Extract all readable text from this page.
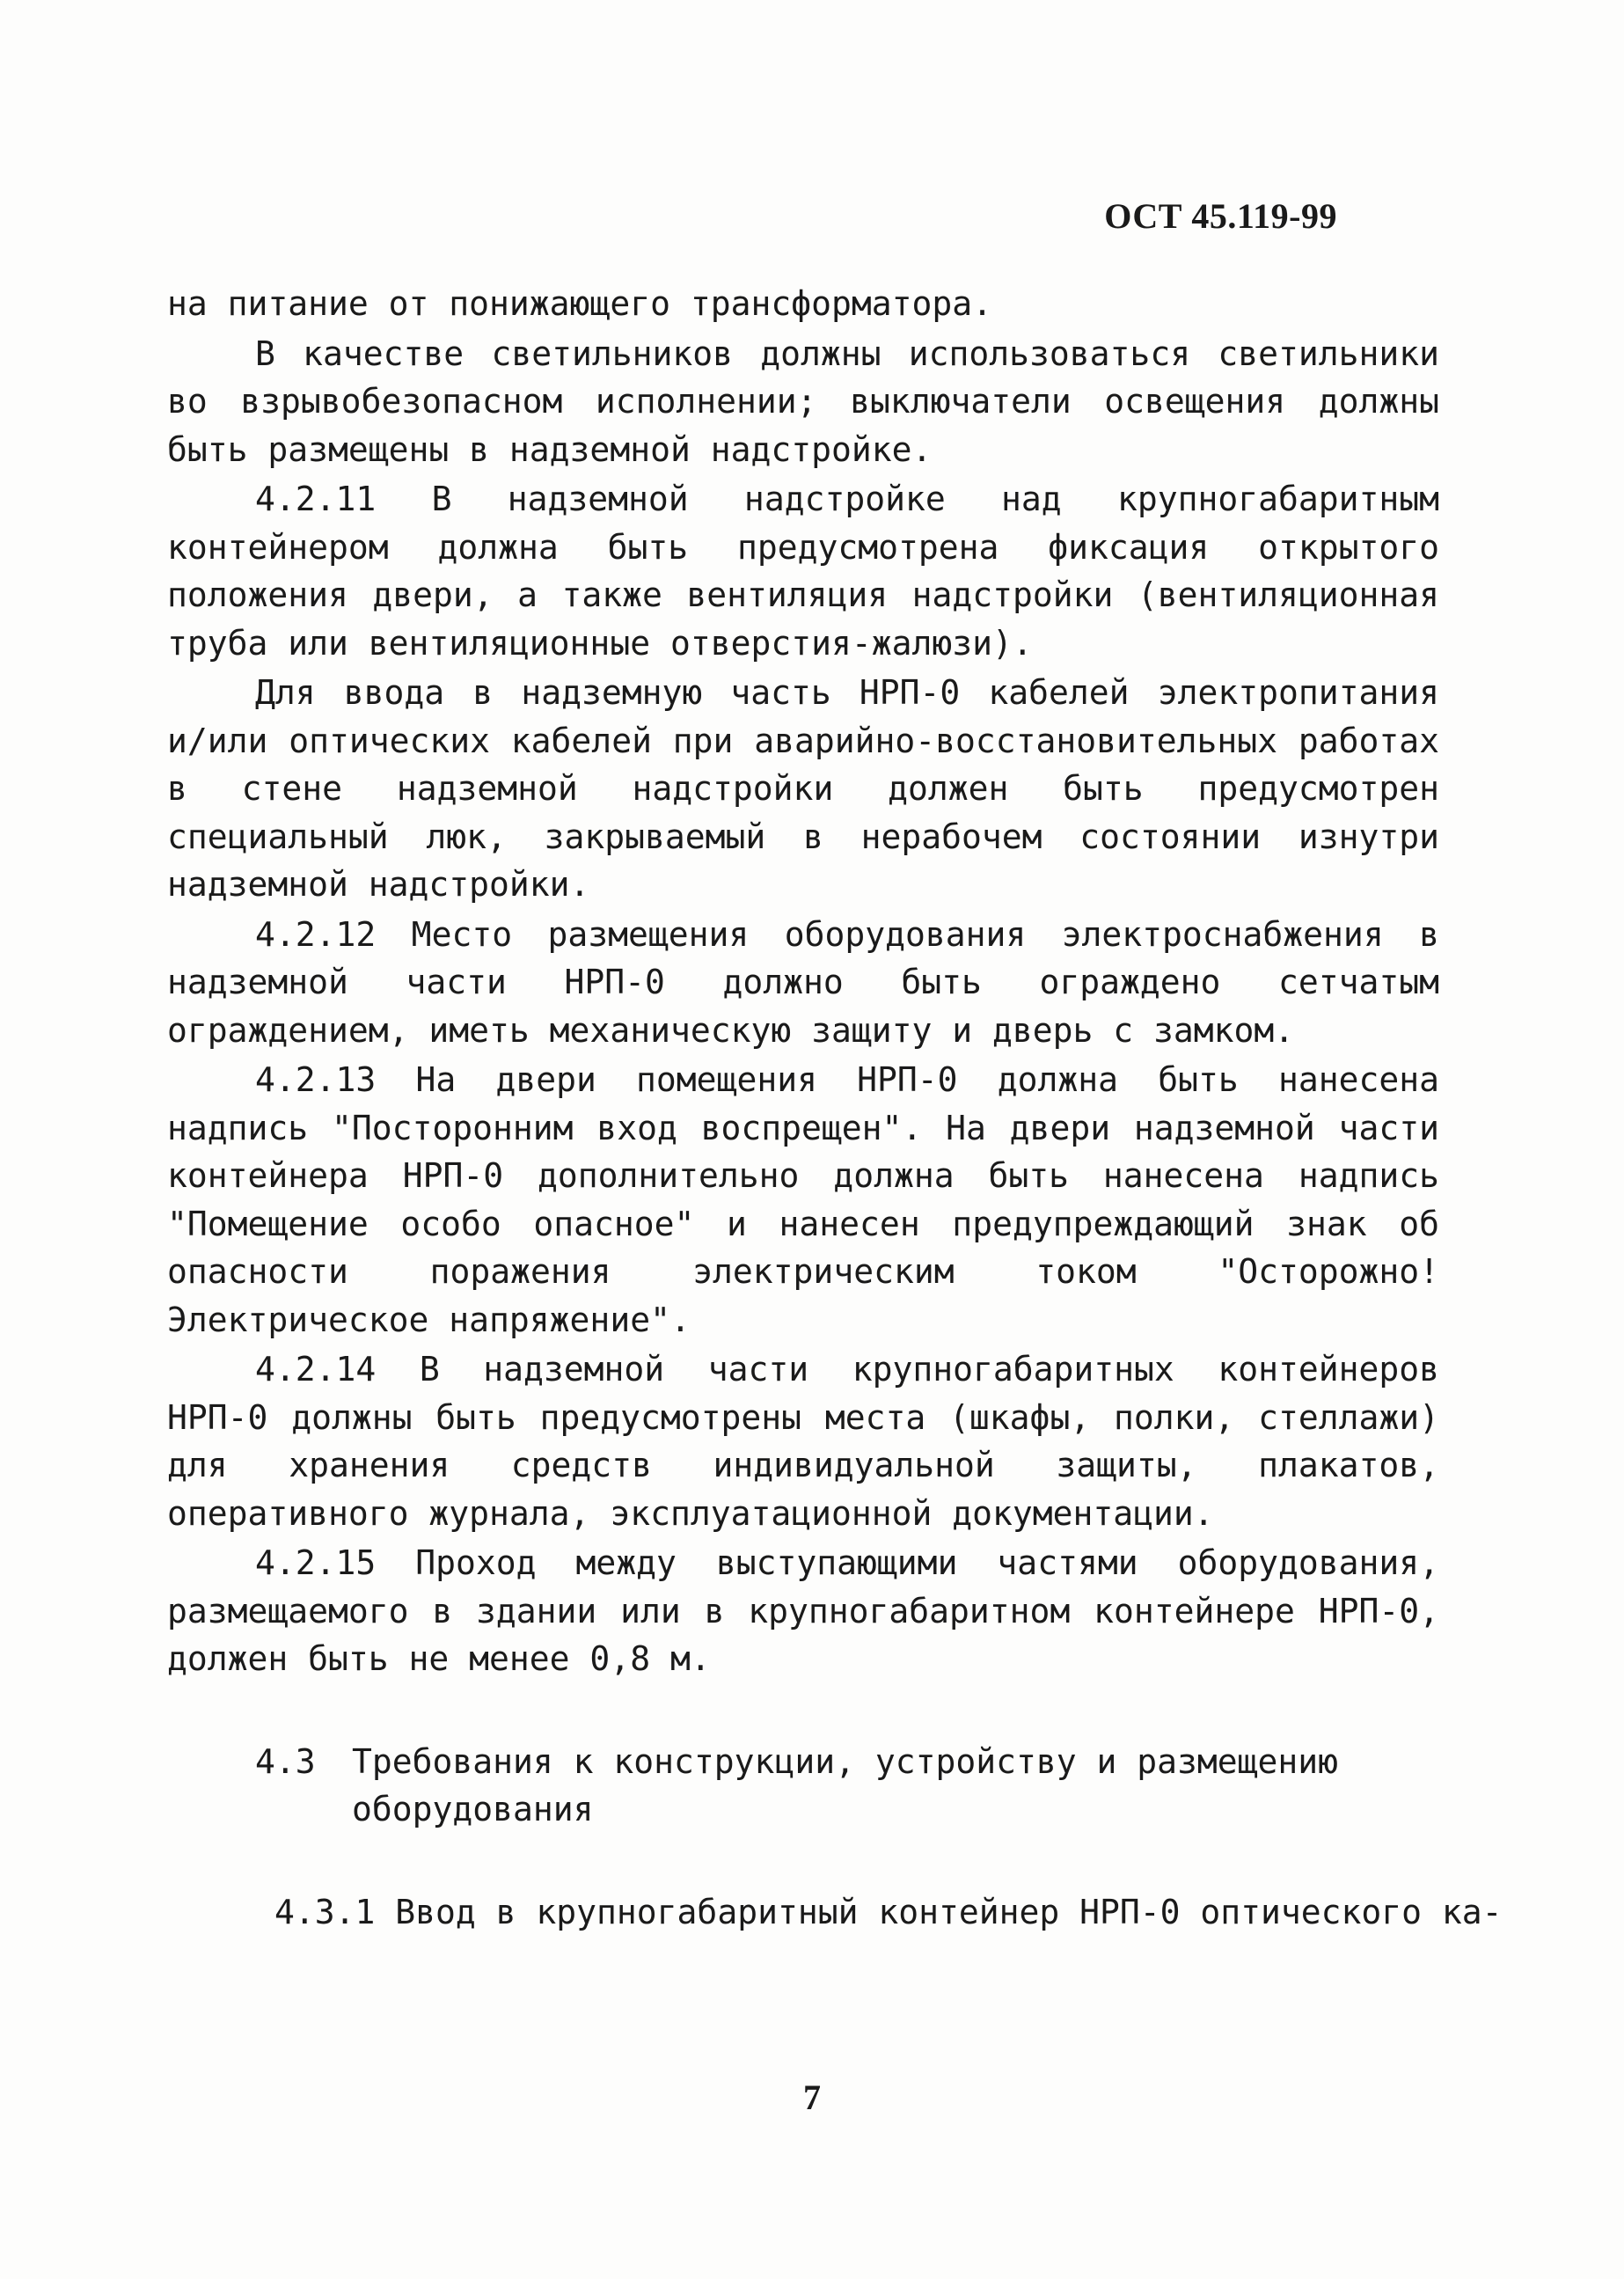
ОСТ 45.119-99

на питание от понижающего трансформатора.

В качестве светильников должны использоваться светильники во взрывобезопасном исполнении; выключатели освещения должны быть размещены в надземной надстройке.

4.2.11 В надземной надстройке над крупногабаритным контейнером должна быть предусмотрена фиксация открытого положения двери, а также вентиляция надстройки (вентиляционная труба или вентиляционные отверстия-жалюзи).

Для ввода в надземную часть НРП-0 кабелей электропитания и/или оптических кабелей при аварийно-восстановительных работах в стене надземной надстройки должен быть предусмотрен специальный люк, закрываемый в нерабочем состоянии изнутри надземной надстройки.

4.2.12 Место размещения оборудования электроснабжения в надземной части НРП-0 должно быть ограждено сетчатым ограждением, иметь механическую защиту и дверь с замком.

4.2.13 На двери помещения НРП-0 должна быть нанесена надпись "Посторонним вход воспрещен". На двери надземной части контейнера НРП-0 дополнительно должна быть нанесена надпись "Помещение особо опасное" и нанесен предупреждающий знак об опасности поражения электрическим током "Осторожно! Электрическое напряжение".

4.2.14 В надземной части крупногабаритных контейнеров НРП-0 должны быть предусмотрены места (шкафы, полки, стеллажи) для хранения средств индивидуальной защиты, плакатов, оперативного журнала, эксплуатационной документации.

4.2.15 Проход между выступающими частями оборудования, размещаемого в здании или в крупногабаритном контейнере НРП-0, должен быть не менее 0,8 м.

4.3	Требования к конструкции, устройству и размещению оборудования
4.3.1 Ввод в крупногабаритный контейнер НРП-0 оптического ка-
7
